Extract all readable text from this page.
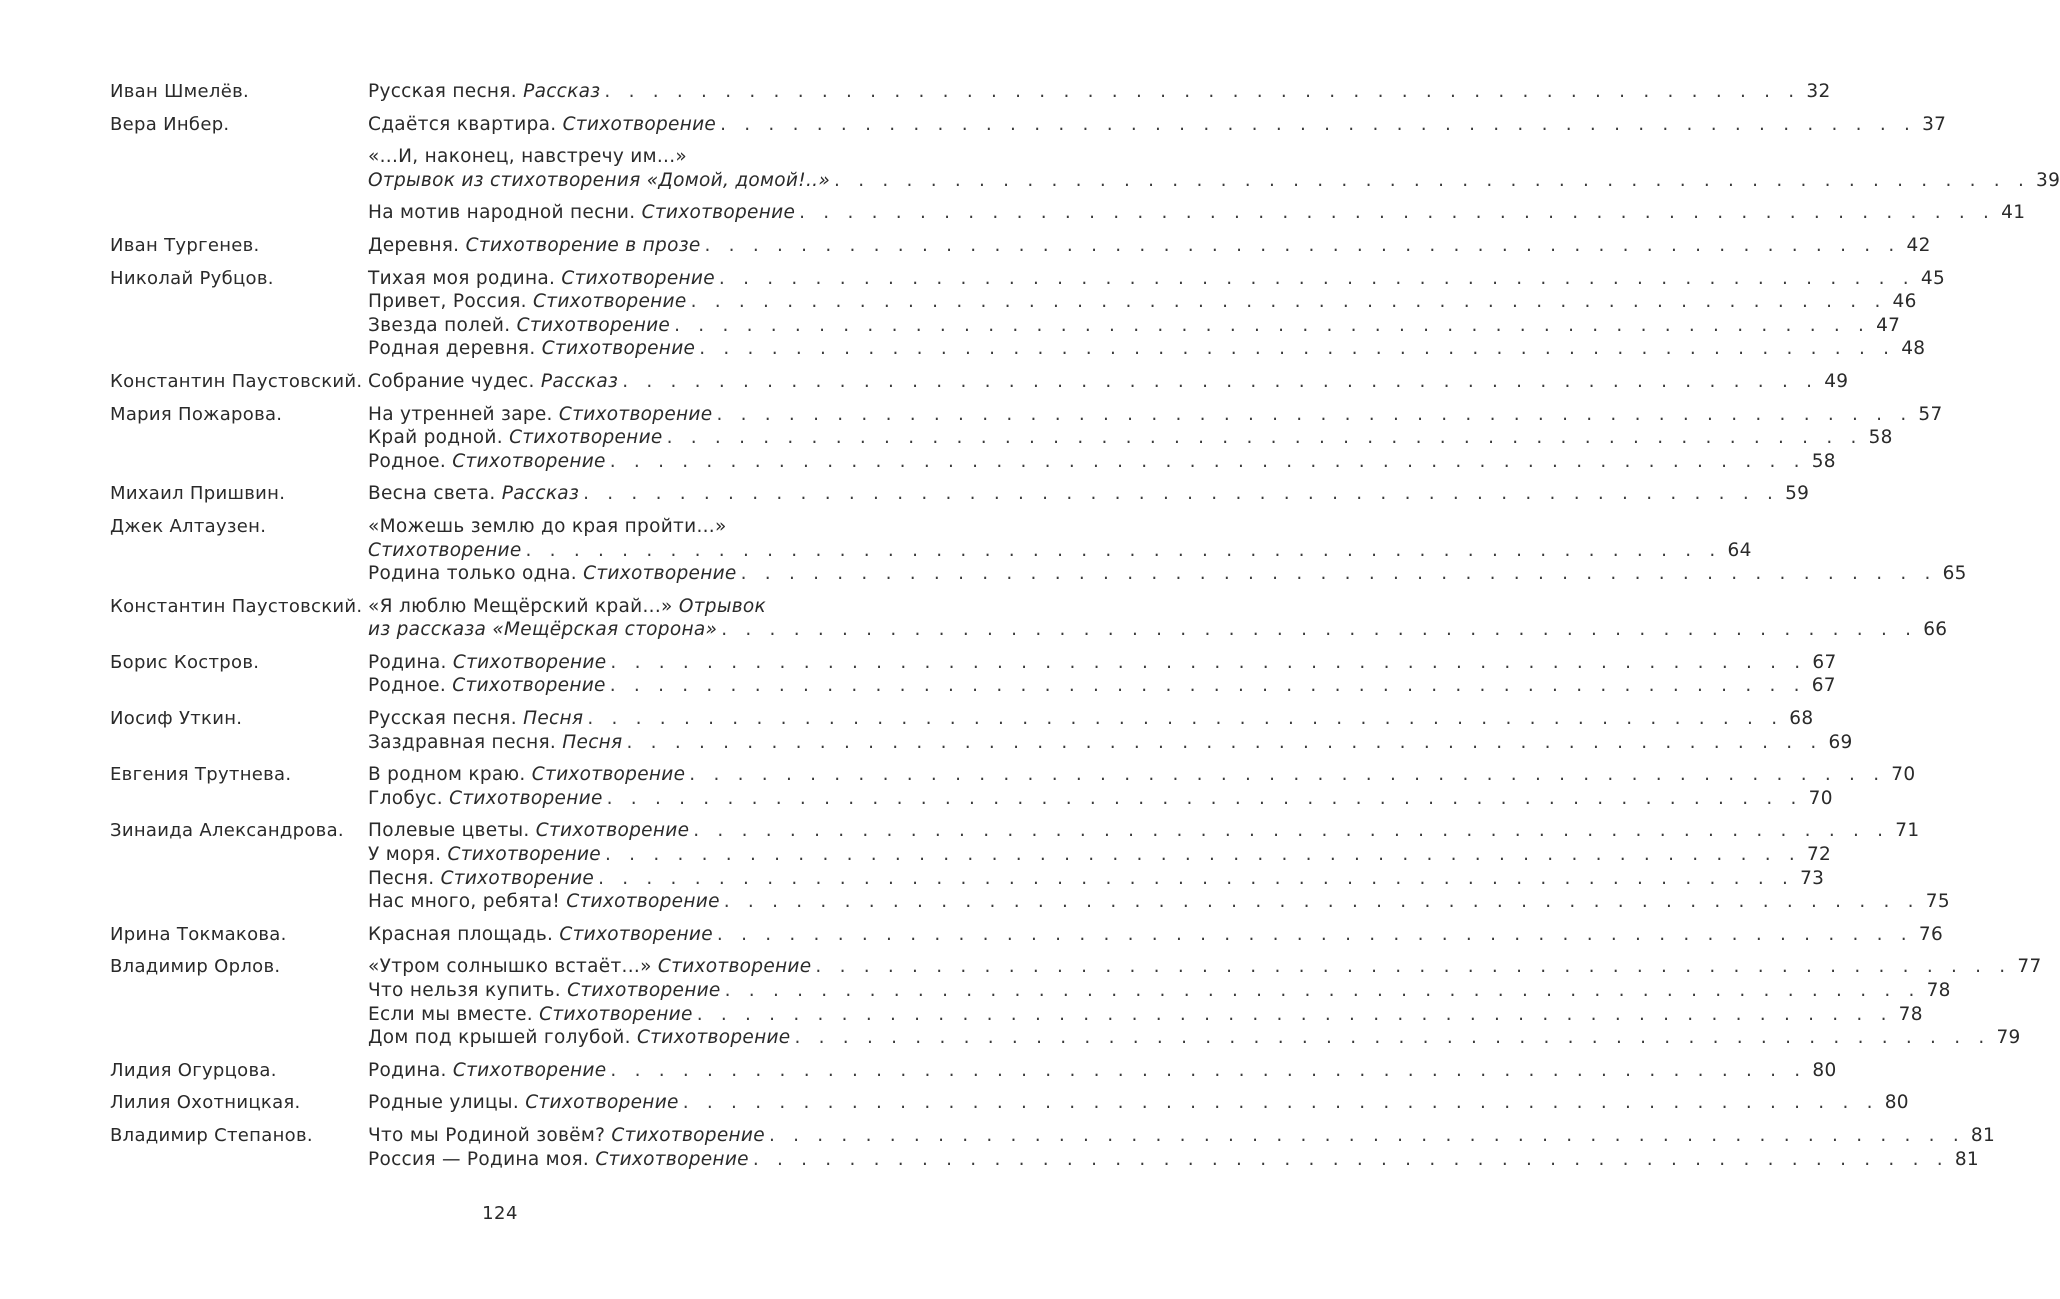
Иван Шмелёв.	Русская песня. Рассказ . . . . . . . . . . . . . . . . . . . . . . . . . . . . . . . . . . . . . . . . . . . . . . . . . . 32
Вера Инбер.	Сдаётся квартира. Стихотворение . . . . . . . . . . . . . . . . . . . . . . . . . . . . . . . . . . . . . . . . . . . . . . . . . . 37
«...И, наконец, навстречу им...»
Отрывок из стихотворения «Домой, домой!..» . . . . . . . . . . . . . . . . . . . . . . . . . . . . . . . . . . . . . . . . . . . . . . . . . . 39
На мотив народной песни. Стихотворение . . . . . . . . . . . . . . . . . . . . . . . . . . . . . . . . . . . . . . . . . . . . . . . . . . 41
Иван Тургенев.	Деревня. Стихотворение в прозе . . . . . . . . . . . . . . . . . . . . . . . . . . . . . . . . . . . . . . . . . . . . . . . . . . 42
Николай Рубцов.	Тихая моя родина. Стихотворение . . . . . . . . . . . . . . . . . . . . . . . . . . . . . . . . . . . . . . . . . . . . . . . . . . 45
Привет, Россия. Стихотворение . . . . . . . . . . . . . . . . . . . . . . . . . . . . . . . . . . . . . . . . . . . . . . . . . . 46
Звезда полей. Стихотворение . . . . . . . . . . . . . . . . . . . . . . . . . . . . . . . . . . . . . . . . . . . . . . . . . . 47
Родная деревня. Стихотворение . . . . . . . . . . . . . . . . . . . . . . . . . . . . . . . . . . . . . . . . . . . . . . . . . . 48
Константин Паустовский. Собрание чудес. Рассказ . . . . . . . . . . . . . . . . . . . . . . . . . . . . . . . . . . . . . . . . . . . . . . . . . . 49
Мария Пожарова.	На утренней заре. Стихотворение . . . . . . . . . . . . . . . . . . . . . . . . . . . . . . . . . . . . . . . . . . . . . . . . . . 57
Край родной. Стихотворение . . . . . . . . . . . . . . . . . . . . . . . . . . . . . . . . . . . . . . . . . . . . . . . . . . 58
Родное. Стихотворение . . . . . . . . . . . . . . . . . . . . . . . . . . . . . . . . . . . . . . . . . . . . . . . . . . 58
Михаил Пришвин.	Весна света. Рассказ . . . . . . . . . . . . . . . . . . . . . . . . . . . . . . . . . . . . . . . . . . . . . . . . . . 59
Джек Алтаузен.	«Можешь землю до края пройти...»
Стихотворение . . . . . . . . . . . . . . . . . . . . . . . . . . . . . . . . . . . . . . . . . . . . . . . . . . 64
Родина только одна. Стихотворение . . . . . . . . . . . . . . . . . . . . . . . . . . . . . . . . . . . . . . . . . . . . . . . . . . 65
Константин Паустовский. «Я люблю Мещёрский край...» Отрывок
из рассказа «Мещёрская сторона» . . . . . . . . . . . . . . . . . . . . . . . . . . . . . . . . . . . . . . . . . . . . . . . . . . 66
Борис Костров.	Родина. Стихотворение . . . . . . . . . . . . . . . . . . . . . . . . . . . . . . . . . . . . . . . . . . . . . . . . . . 67
Родное. Стихотворение . . . . . . . . . . . . . . . . . . . . . . . . . . . . . . . . . . . . . . . . . . . . . . . . . . 67
Иосиф Уткин.	Русская песня. Песня . . . . . . . . . . . . . . . . . . . . . . . . . . . . . . . . . . . . . . . . . . . . . . . . . . 68
Заздравная песня. Песня . . . . . . . . . . . . . . . . . . . . . . . . . . . . . . . . . . . . . . . . . . . . . . . . . . 69
Евгения Трутнева.	В родном краю. Стихотворение . . . . . . . . . . . . . . . . . . . . . . . . . . . . . . . . . . . . . . . . . . . . . . . . . . 70
Глобус. Стихотворение . . . . . . . . . . . . . . . . . . . . . . . . . . . . . . . . . . . . . . . . . . . . . . . . . . 70
Зинаида Александрова.	Полевые цветы. Стихотворение . . . . . . . . . . . . . . . . . . . . . . . . . . . . . . . . . . . . . . . . . . . . . . . . . . 71
У моря. Стихотворение . . . . . . . . . . . . . . . . . . . . . . . . . . . . . . . . . . . . . . . . . . . . . . . . . . 72
Песня. Стихотворение . . . . . . . . . . . . . . . . . . . . . . . . . . . . . . . . . . . . . . . . . . . . . . . . . . 73
Нас много, ребята! Стихотворение . . . . . . . . . . . . . . . . . . . . . . . . . . . . . . . . . . . . . . . . . . . . . . . . . . 75
Ирина Токмакова.	Красная площадь. Стихотворение . . . . . . . . . . . . . . . . . . . . . . . . . . . . . . . . . . . . . . . . . . . . . . . . . . 76
Владимир Орлов.	«Утром солнышко встаёт...» Стихотворение . . . . . . . . . . . . . . . . . . . . . . . . . . . . . . . . . . . . . . . . . . . . . . . . . . 77
Что нельзя купить. Стихотворение . . . . . . . . . . . . . . . . . . . . . . . . . . . . . . . . . . . . . . . . . . . . . . . . . . 78
Если мы вместе. Стихотворение . . . . . . . . . . . . . . . . . . . . . . . . . . . . . . . . . . . . . . . . . . . . . . . . . . 78
Дом под крышей голубой. Стихотворение . . . . . . . . . . . . . . . . . . . . . . . . . . . . . . . . . . . . . . . . . . . . . . . . . . 79
Лидия Огурцова.	Родина. Стихотворение . . . . . . . . . . . . . . . . . . . . . . . . . . . . . . . . . . . . . . . . . . . . . . . . . . 80
Лилия Охотницкая.	Родные улицы. Стихотворение . . . . . . . . . . . . . . . . . . . . . . . . . . . . . . . . . . . . . . . . . . . . . . . . . . 80
Владимир Степанов.	Что мы Родиной зовём? Стихотворение . . . . . . . . . . . . . . . . . . . . . . . . . . . . . . . . . . . . . . . . . . . . . . . . . . 81
Россия — Родина моя. Стихотворение . . . . . . . . . . . . . . . . . . . . . . . . . . . . . . . . . . . . . . . . . . . . . . . . . . 81
124
